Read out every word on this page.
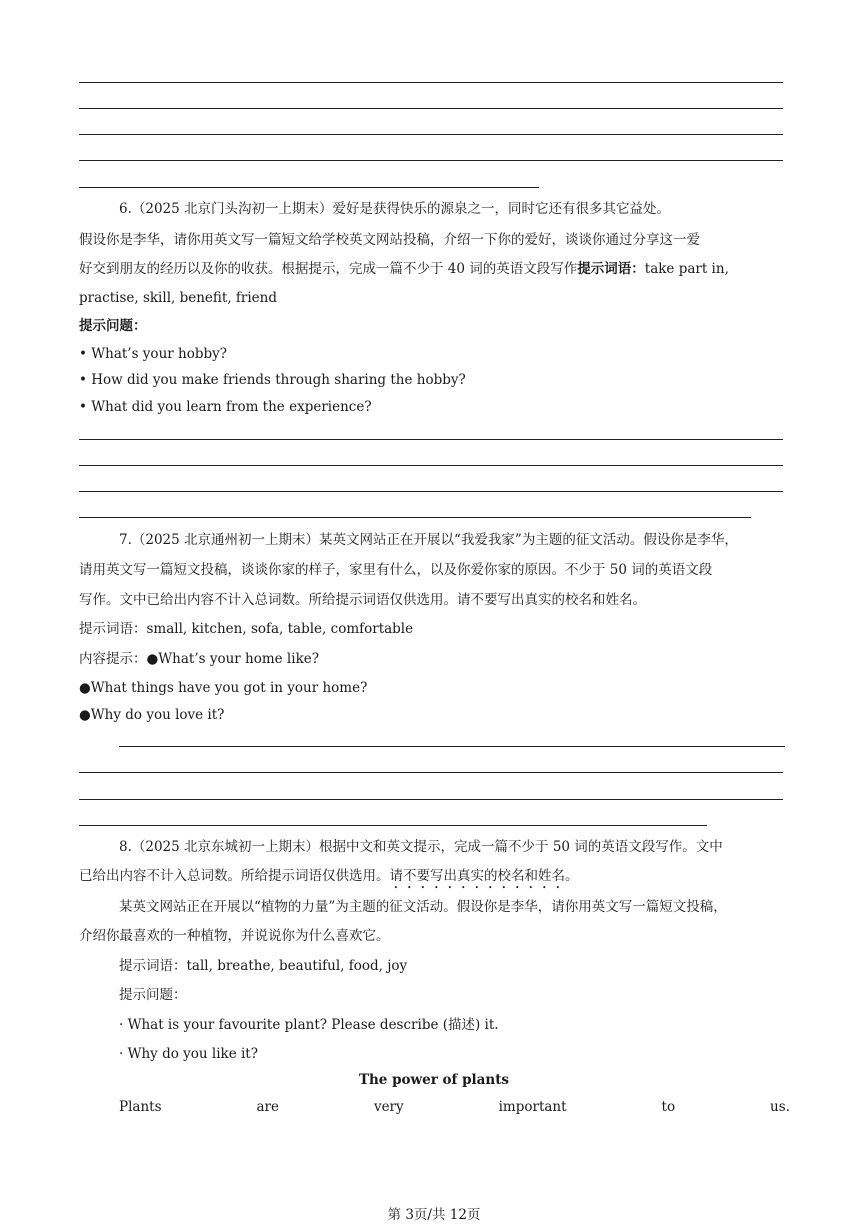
6.（2025 北京门头沟初一上期末）爱好是获得快乐的源泉之一，同时它还有很多其它益处。
假设你是李华，请你用英文写一篇短文给学校英文网站投稿，介绍一下你的爱好，谈谈你通过分享这一爱
好交到朋友的经历以及你的收获。根据提示，完成一篇不少于 40 词的英语文段写作提示词语：take part in,
practise, skill, benefit, friend
提示问题：
• What’s your hobby?
• How did you make friends through sharing the hobby?
• What did you learn from the experience?
7.（2025 北京通州初一上期末）某英文网站正在开展以“我爱我家”为主题的征文活动。假设你是李华，
请用英文写一篇短文投稿，谈谈你家的样子，家里有什么，以及你爱你家的原因。不少于 50 词的英语文段
写作。文中已给出内容不计入总词数。所给提示词语仅供选用。请不要写出真实的校名和姓名。
提示词语：small, kitchen, sofa, table, comfortable
内容提示：●What’s your home like?
●What things have you got in your home?
●Why do you love it?
8.（2025 北京东城初一上期末）根据中文和英文提示，完成一篇不少于 50 词的英语文段写作。文中
已给出内容不计入总词数。所给提示词语仅供选用。请不要写出真实的校名和姓名。
某英文网站正在开展以“植物的力量”为主题的征文活动。假设你是李华，请你用英文写一篇短文投稿，
介绍你最喜欢的一种植物，并说说你为什么喜欢它。
提示词语：tall, breathe, beautiful, food, joy
提示问题：
· What is your favourite plant? Please describe (描述) it.
· Why do you like it?
The power of plants
Plants	are	very	important	to	us.
第 3页/共 12页
